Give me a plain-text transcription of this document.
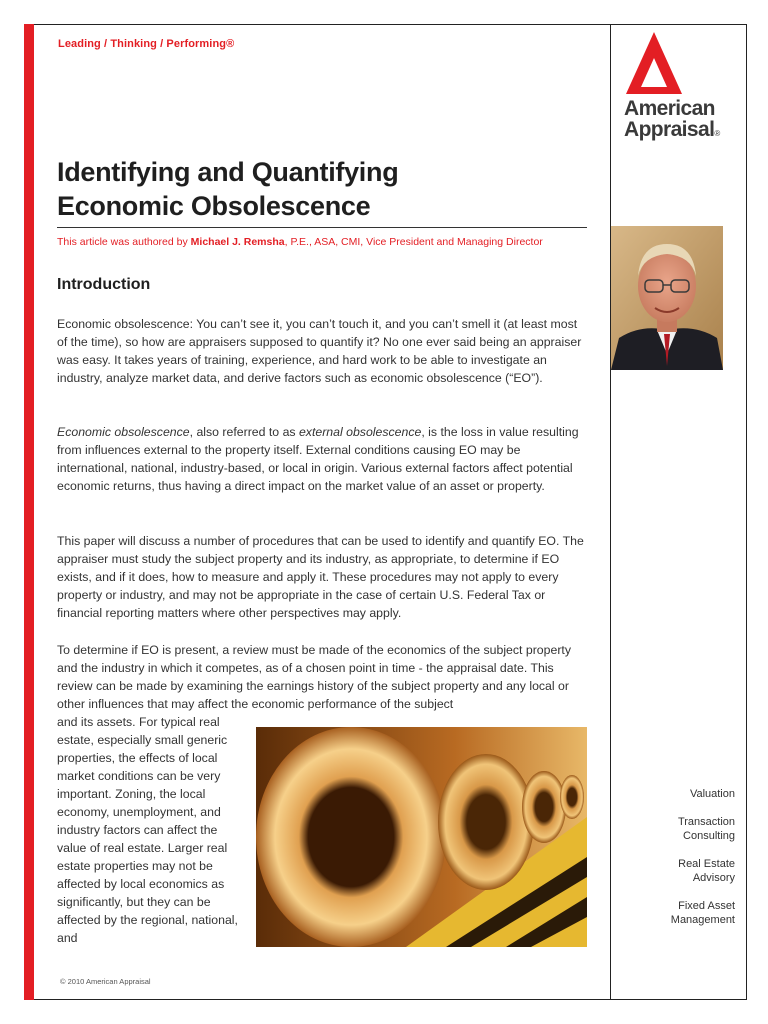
Leading / Thinking / Performing®
American
Appraisal®
Identifying and Quantifying
Economic Obsolescence
This article was authored by Michael J. Remsha, P.E., ASA, CMI, Vice President and Managing Director
Introduction

Economic obsolescence: You can’t see it, you can’t touch it, and you can’t smell it (at least most of the time), so how are appraisers supposed to quantify it? No one ever said being an appraiser was easy. It takes years of training, experience, and hard work to be able to investigate an industry, analyze market data, and derive factors such as economic obsolescence (“EO”).

Economic obsolescence, also referred to as external obsolescence, is the loss in value resulting from influences external to the property itself. External conditions causing EO may be international, national, industry-based, or local in origin. Various external factors affect potential economic returns, thus having a direct impact on the market value of an asset or property.

This paper will discuss a number of procedures that can be used to identify and quantify EO. The appraiser must study the subject property and its industry, as appropriate, to determine if EO exists, and if it does, how to measure and apply it. These procedures may not apply to every property or industry, and may not be appropriate in the case of certain U.S. Federal Tax or financial reporting matters where other perspectives may apply.

To determine if EO is present, a review must be made of the economics of the subject property and the industry in which it competes, as of a chosen point in time - the appraisal date. This review can be made by examining the earnings history of the subject property and any local or other influences that may affect the economic performance of the subject

and its assets. For typical real estate, especially small generic properties, the effects of local market conditions can be very important. Zoning, the local economy, unemployment, and industry factors can affect the value of real estate. Larger real estate properties may not be affected by local economics as significantly, but they can be affected by the regional, national, and

Valuation
Transaction
Consulting
Real Estate
Advisory
Fixed Asset
Management
© 2010 American Appraisal
